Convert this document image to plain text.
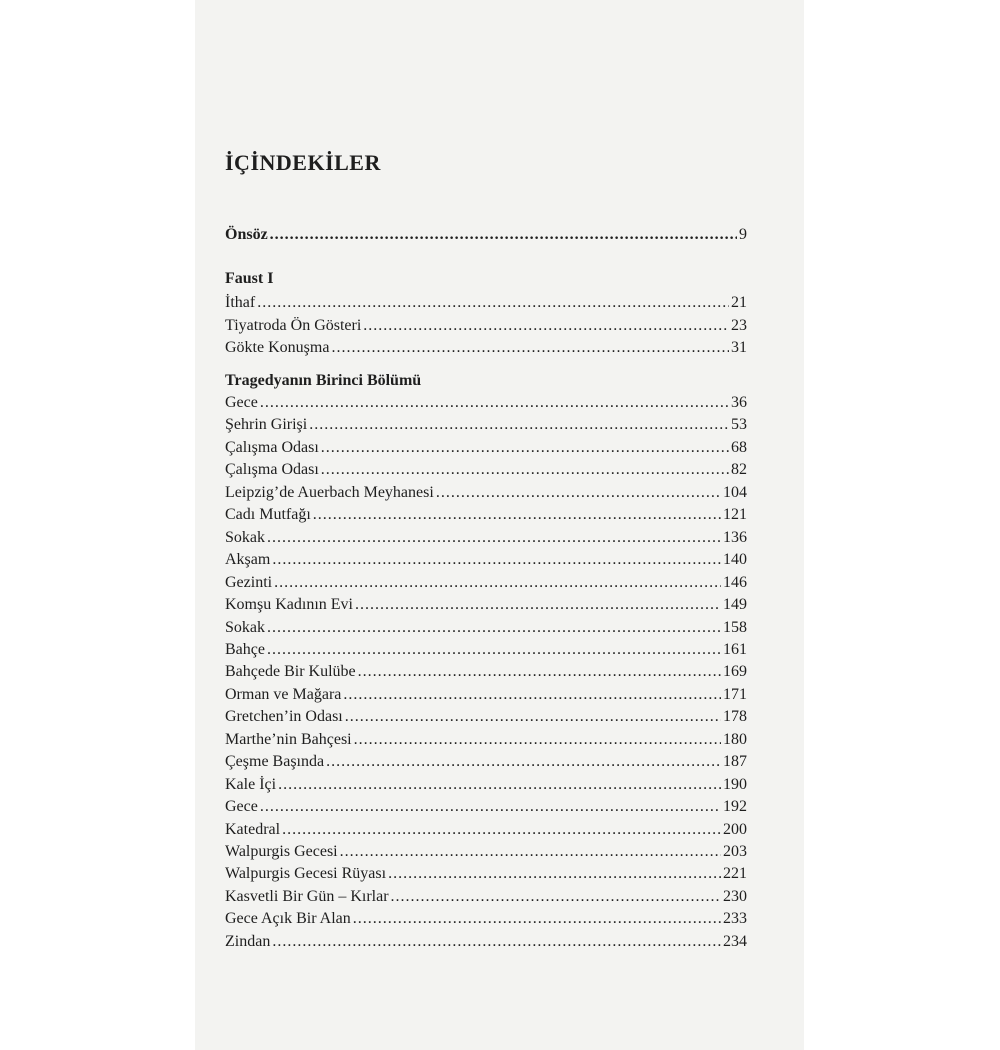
İÇİNDEKİLER
Önsöz .....	9
Faust I
İthaf .....	21
Tiyatroda Ön Gösteri .....	23
Gökte Konuşma .....	31
Tragedyanın Birinci Bölümü
Gece .....	36
Şehrin Girişi .....	53
Çalışma Odası .....	68
Çalışma Odası .....	82
Leipzig’de Auerbach Meyhanesi .....	104
Cadı Mutfağı .....	121
Sokak .....	136
Akşam .....	140
Gezinti .....	146
Komşu Kadının Evi .....	149
Sokak .....	158
Bahçe .....	161
Bahçede Bir Kulübe .....	169
Orman ve Mağara .....	171
Gretchen’in Odası .....	178
Marthe’nin Bahçesi .....	180
Çeşme Başında .....	187
Kale İçi .....	190
Gece .....	192
Katedral .....	200
Walpurgis Gecesi .....	203
Walpurgis Gecesi Rüyası .....	221
Kasvetli Bir Gün – Kırlar .....	230
Gece Açık Bir Alan .....	233
Zindan .....	234
